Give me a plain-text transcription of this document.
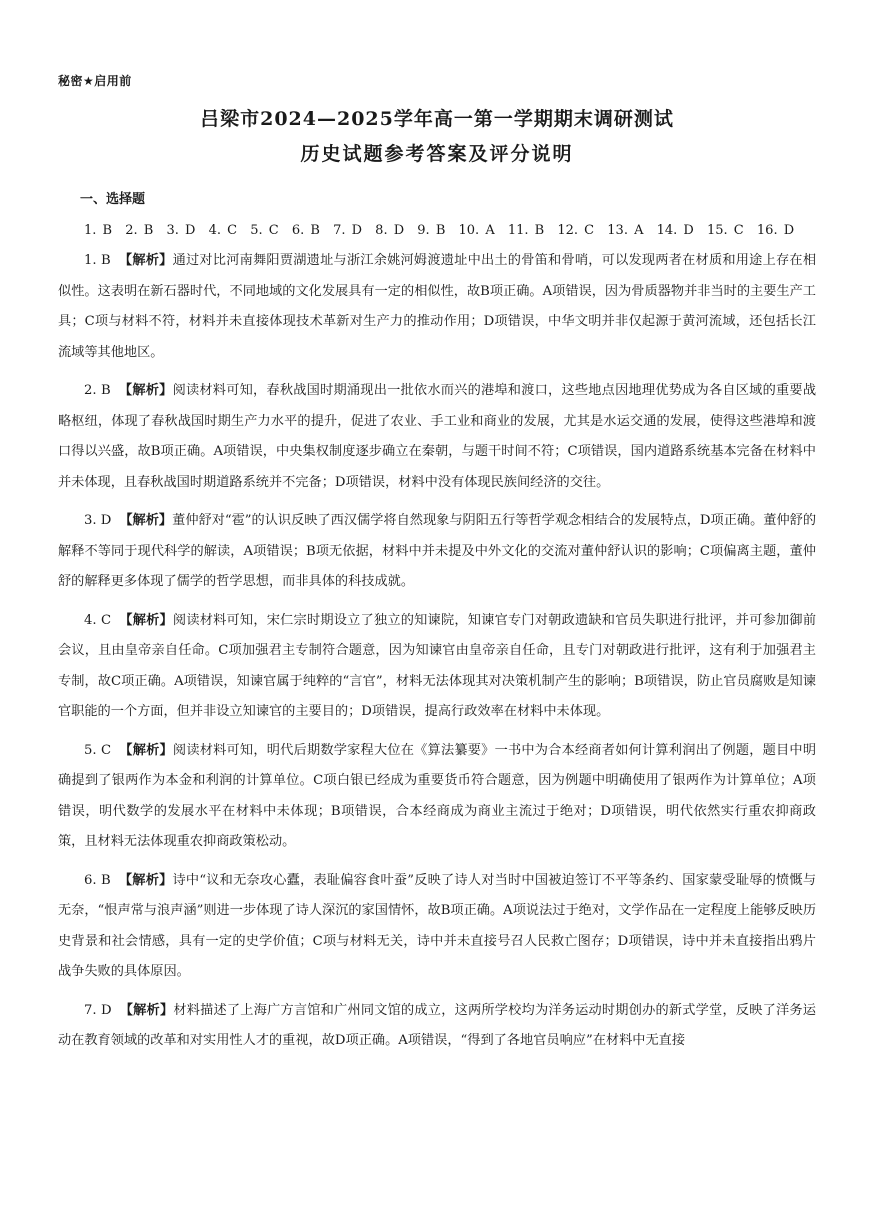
秘密★启用前
吕梁市2024—2025学年高一第一学期期末调研测试
历史试题参考答案及评分说明
一、选择题
1. B 2. B 3. D 4. C 5. C 6. B 7. D 8. D 9. B 10. A 11. B 12. C 13. A 14. D 15. C 16. D
1. B 【解析】通过对比河南舞阳贾湖遗址与浙江余姚河姆渡遗址中出土的骨笛和骨哨，可以发现两者在材质和用途上存在相似性。这表明在新石器时代，不同地域的文化发展具有一定的相似性，故B项正确。A项错误，因为骨质器物并非当时的主要生产工具；C项与材料不符，材料并未直接体现技术革新对生产力的推动作用；D项错误，中华文明并非仅起源于黄河流域，还包括长江流域等其他地区。
2. B 【解析】阅读材料可知，春秋战国时期涌现出一批依水而兴的港埠和渡口，这些地点因地理优势成为各自区域的重要战略枢纽，体现了春秋战国时期生产力水平的提升，促进了农业、手工业和商业的发展，尤其是水运交通的发展，使得这些港埠和渡口得以兴盛，故B项正确。A项错误，中央集权制度逐步确立在秦朝，与题干时间不符；C项错误，国内道路系统基本完备在材料中并未体现，且春秋战国时期道路系统并不完备；D项错误，材料中没有体现民族间经济的交往。
3. D 【解析】董仲舒对“雹”的认识反映了西汉儒学将自然现象与阴阳五行等哲学观念相结合的发展特点，D项正确。董仲舒的解释不等同于现代科学的解读，A项错误；B项无依据，材料中并未提及中外文化的交流对董仲舒认识的影响；C项偏离主题，董仲舒的解释更多体现了儒学的哲学思想，而非具体的科技成就。
4. C 【解析】阅读材料可知，宋仁宗时期设立了独立的知谏院，知谏官专门对朝政遗缺和官员失职进行批评，并可参加御前会议，且由皇帝亲自任命。C项加强君主专制符合题意，因为知谏官由皇帝亲自任命，且专门对朝政进行批评，这有利于加强君主专制，故C项正确。A项错误，知谏官属于纯粹的“言官”，材料无法体现其对决策机制产生的影响；B项错误，防止官员腐败是知谏官职能的一个方面，但并非设立知谏官的主要目的；D项错误，提高行政效率在材料中未体现。
5. C 【解析】阅读材料可知，明代后期数学家程大位在《算法纂要》一书中为合本经商者如何计算利润出了例题，题目中明确提到了银两作为本金和利润的计算单位。C项白银已经成为重要货币符合题意，因为例题中明确使用了银两作为计算单位；A项错误，明代数学的发展水平在材料中未体现；B项错误，合本经商成为商业主流过于绝对；D项错误，明代依然实行重农抑商政策，且材料无法体现重农抑商政策松动。
6. B 【解析】诗中“议和无奈攻心蠹，表耻偏容食叶蚕”反映了诗人对当时中国被迫签订不平等条约、国家蒙受耻辱的愤慨与无奈，“恨声常与浪声涵”则进一步体现了诗人深沉的家国情怀，故B项正确。A项说法过于绝对，文学作品在一定程度上能够反映历史背景和社会情感，具有一定的史学价值；C项与材料无关，诗中并未直接号召人民救亡图存；D项错误，诗中并未直接指出鸦片战争失败的具体原因。
7. D 【解析】材料描述了上海广方言馆和广州同文馆的成立，这两所学校均为洋务运动时期创办的新式学堂，反映了洋务运动在教育领域的改革和对实用性人才的重视，故D项正确。A项错误，“得到了各地官员响应”在材料中无直接
